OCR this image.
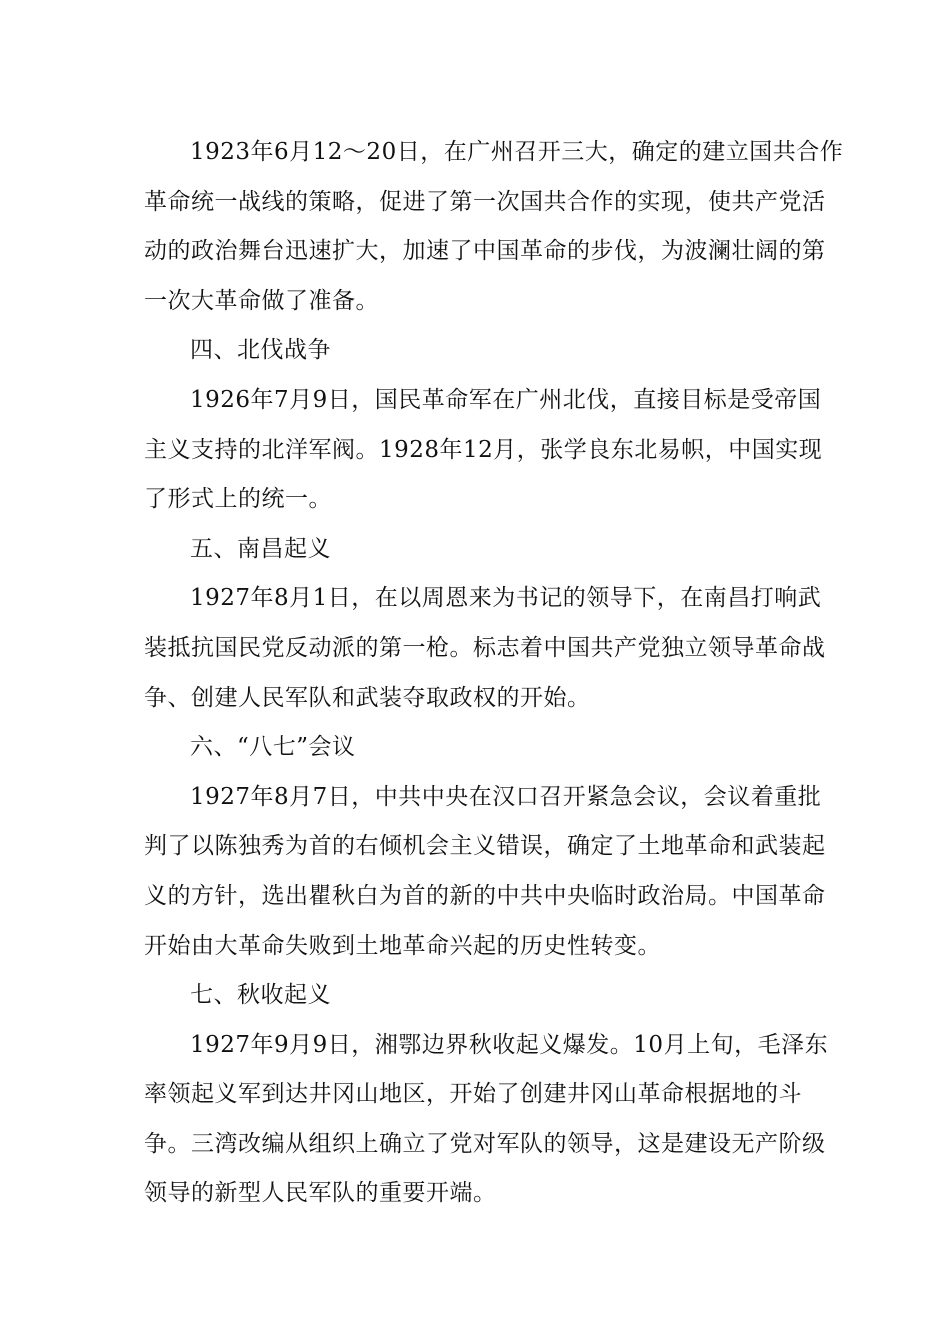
1923年6月12～20日，在广州召开三大，确定的建立国共合作革命统一战线的策略，促进了第一次国共合作的实现，使共产党活动的政治舞台迅速扩大，加速了中国革命的步伐，为波澜壮阔的第一次大革命做了准备。

四、北伐战争

1926年7月9日，国民革命军在广州北伐，直接目标是受帝国主义支持的北洋军阀。1928年12月，张学良东北易帜，中国实现了形式上的统一。

五、南昌起义

1927年8月1日，在以周恩来为书记的领导下，在南昌打响武装抵抗国民党反动派的第一枪。标志着中国共产党独立领导革命战争、创建人民军队和武装夺取政权的开始。

六、“八七”会议

1927年8月7日，中共中央在汉口召开紧急会议，会议着重批判了以陈独秀为首的右倾机会主义错误，确定了土地革命和武装起义的方针，选出瞿秋白为首的新的中共中央临时政治局。中国革命开始由大革命失败到土地革命兴起的历史性转变。

七、秋收起义

1927年9月9日，湘鄂边界秋收起义爆发。10月上旬，毛泽东率领起义军到达井冈山地区，开始了创建井冈山革命根据地的斗争。三湾改编从组织上确立了党对军队的领导，这是建设无产阶级领导的新型人民军队的重要开端。
